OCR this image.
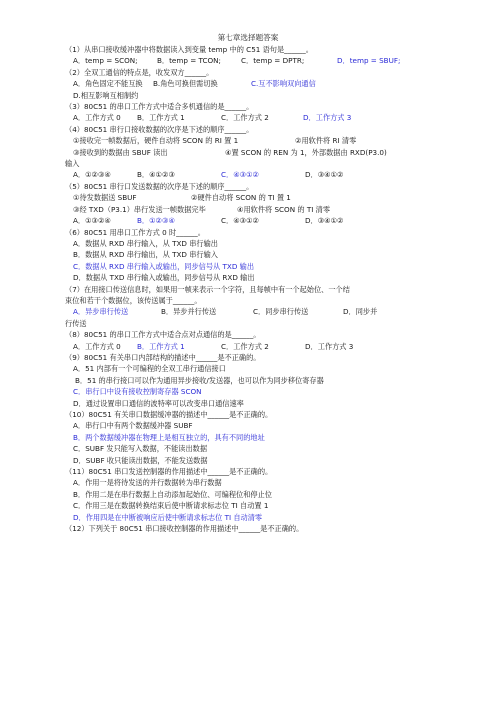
第七章选择题答案
（1）从串口接收缓冲器中将数据读入到变量 temp 中的 C51 语句是______。
A．temp = SCON;	B．temp = TCON;	C．temp = DPTR;	D．temp = SBUF;
（2）全双工通信的特点是，收发双方______。
A．角色固定不能互换	B.角色可换但需切换	C.互不影响双向通信
D.相互影响互相制约
（3）80C51 的串口工作方式中适合多机通信的是______。
A．工作方式 0	B．工作方式 1	C．工作方式 2	D．工作方式 3
（4）80C51 串行口接收数据的次序是下述的顺序______。
①接收完一帧数据后，硬件自动将 SCON 的 RI 置 1	②用软件将 RI 清零
③接收到的数据由 SBUF 读出	④置 SCON 的 REN 为 1，外部数据由 RXD(P3.0)
输入
A．①②③④	B．④①②③	C．④③①②	D．③④①②
（5）80C51 串行口发送数据的次序是下述的顺序______。
①待发数据送 SBUF	②硬件自动将 SCON 的 TI 置 1
③经 TXD（P3.1）串行发送一帧数据完毕	④用软件将 SCON 的 TI 清零
A．①③②④	B．①②③④	C．④③①②	D．③④①②
（6）80C51 用串口工作方式 0 时______。
A．数据从 RXD 串行输入，从 TXD 串行输出
B．数据从 RXD 串行输出，从 TXD 串行输入
C．数据从 RXD 串行输入或输出，同步信号从 TXD 输出
D．数据从 TXD 串行输入或输出，同步信号从 RXD 输出
（7）在用接口传送信息时，如果用一帧来表示一个字符，且每帧中有一个起始位、一个结
束位和若干个数据位，该传送属于______。
A．异步串行传送	B．异步并行传送	C．同步串行传送	D．同步并
行传送
（8）80C51 的串口工作方式中适合点对点通信的是______。
A．工作方式 0	B．工作方式 1	C．工作方式 2	D．工作方式 3
（9）80C51 有关串口内部结构的描述中______是不正确的。
A．51 内部有一个可编程的全双工串行通信接口
B．51 的串行接口可以作为通用异步接收/发送器，也可以作为同步移位寄存器
C．串行口中设有接收控制寄存器 SCON
D．通过设置串口通信的波特率可以改变串口通信速率
（10）80C51 有关串口数据缓冲器的描述中______是不正确的。
A．串行口中有两个数据缓冲器 SUBF
B．两个数据缓冲器在物理上是相互独立的，具有不同的地址
C．SUBF 发只能写入数据，不能读出数据
D．SUBF 收只能读出数据，不能发送数据
（11）80C51 串口发送控制器的作用描述中______是不正确的。
A．作用一是将待发送的并行数据转为串行数据
B．作用二是在串行数据上自动添加起始位、可编程位和停止位
C．作用三是在数据转换结束后使中断请求标志位 TI 自动置 1
D．作用四是在中断被响应后使中断请求标志位 TI 自动清零
（12）下列关于 80C51 串口接收控制器的作用描述中______是不正确的。
